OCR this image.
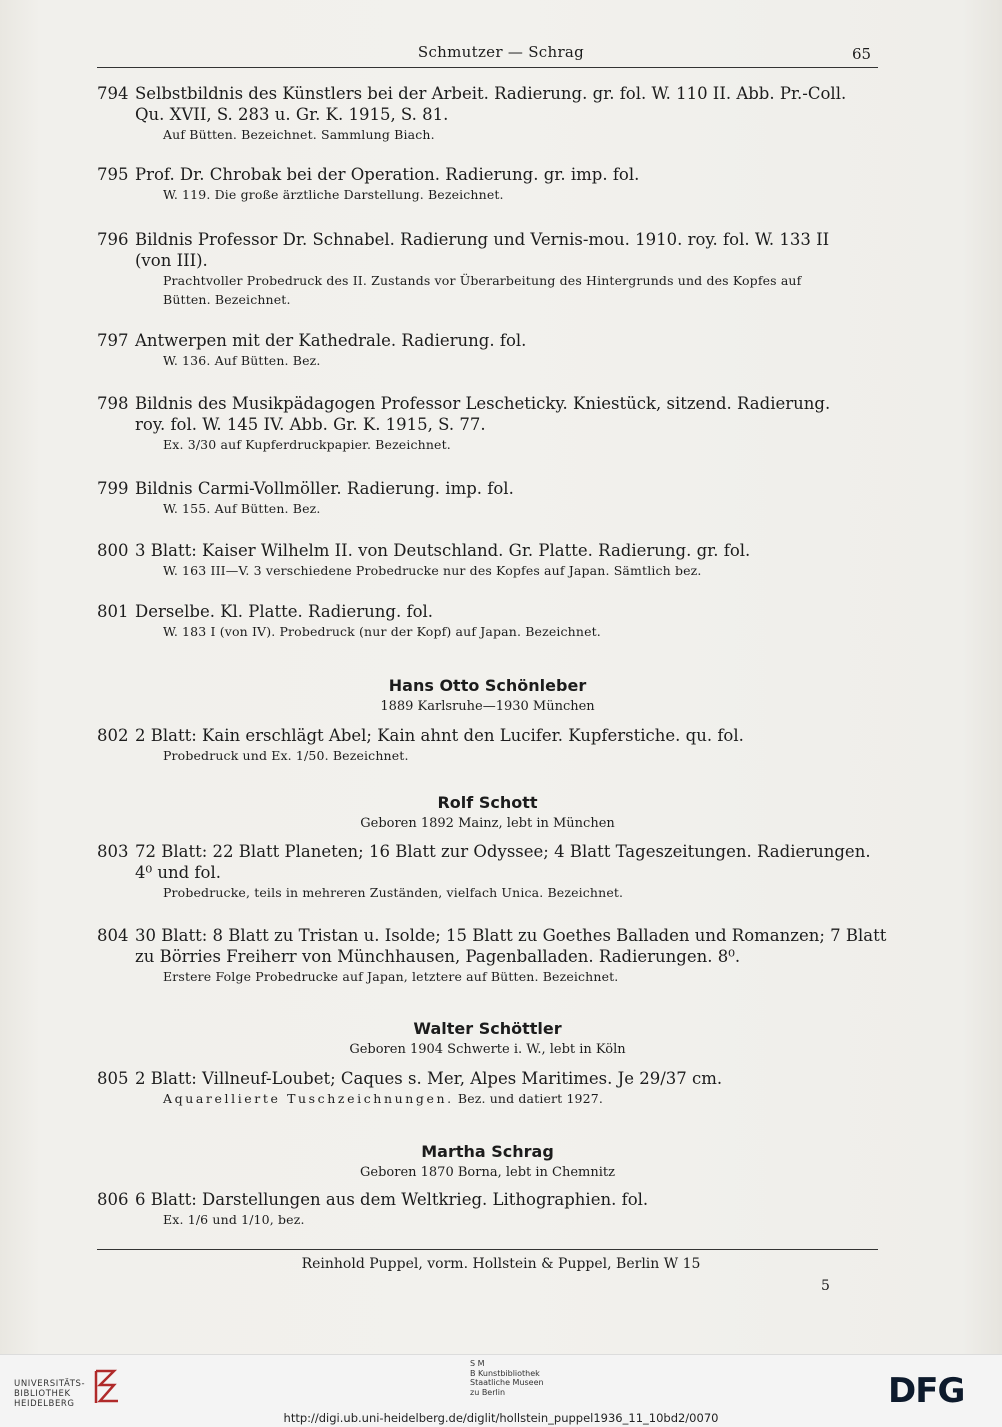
Schmutzer — Schrag	65
794 Selbstbildnis des Künstlers bei der Arbeit. Radierung. gr. fol. W. 110 II. Abb. Pr.-Coll.
Qu. XVII, S. 283 u. Gr. K. 1915, S. 81.
Auf Bütten. Bezeichnet. Sammlung Biach.
795 Prof. Dr. Chrobak bei der Operation. Radierung. gr. imp. fol.
W. 119. Die große ärztliche Darstellung. Bezeichnet.
796 Bildnis Professor Dr. Schnabel. Radierung und Vernis-mou. 1910. roy. fol. W. 133 II
(von III).
Prachtvoller Probedruck des II. Zustands vor Überarbeitung des Hintergrunds und des Kopfes auf
Bütten. Bezeichnet.
797 Antwerpen mit der Kathedrale. Radierung. fol.
W. 136. Auf Bütten. Bez.
798 Bildnis des Musikpädagogen Professor Lescheticky. Kniestück, sitzend. Radierung.
roy. fol. W. 145 IV. Abb. Gr. K. 1915, S. 77.
Ex. 3/30 auf Kupferdruckpapier. Bezeichnet.
799 Bildnis Carmi-Vollmöller. Radierung. imp. fol.
W. 155. Auf Bütten. Bez.
800 3 Blatt: Kaiser Wilhelm II. von Deutschland. Gr. Platte. Radierung. gr. fol.
W. 163 III—V. 3 verschiedene Probedrucke nur des Kopfes auf Japan. Sämtlich bez.
801 Derselbe. Kl. Platte. Radierung. fol.
W. 183 I (von IV). Probedruck (nur der Kopf) auf Japan. Bezeichnet.
Hans Otto Schönleber
1889 Karlsruhe—1930 München
802 2 Blatt: Kain erschlägt Abel; Kain ahnt den Lucifer. Kupferstiche. qu. fol.
Probedruck und Ex. 1/50. Bezeichnet.
Rolf Schott
Geboren 1892 Mainz, lebt in München
803 72 Blatt: 22 Blatt Planeten; 16 Blatt zur Odyssee; 4 Blatt Tageszeitungen. Radierungen.
4⁰ und fol.
Probedrucke, teils in mehreren Zuständen, vielfach Unica. Bezeichnet.
804 30 Blatt: 8 Blatt zu Tristan u. Isolde; 15 Blatt zu Goethes Balladen und Romanzen; 7 Blatt
zu Börries Freiherr von Münchhausen, Pagenballaden. Radierungen. 8⁰.
Erstere Folge Probedrucke auf Japan, letztere auf Bütten. Bezeichnet.
Walter Schöttler
Geboren 1904 Schwerte i. W., lebt in Köln
805 2 Blatt: Villneuf-Loubet; Caques s. Mer, Alpes Maritimes. Je 29/37 cm.
Aquarellierte Tuschzeichnungen. Bez. und datiert 1927.
Martha Schrag
Geboren 1870 Borna, lebt in Chemnitz
806 6 Blatt: Darstellungen aus dem Weltkrieg. Lithographien. fol.
Ex. 1/6 und 1/10, bez.
Reinhold Puppel, vorm. Hollstein & Puppel, Berlin W 15
5
UNIVERSITÄTS-
BIBLIOTHEK
HEIDELBERG
S M
B Kunstbibliothek
Staatliche Museen
zu Berlin	DFG
http://digi.ub.uni-heidelberg.de/diglit/hollstein_puppel1936_11_10bd2/0070
